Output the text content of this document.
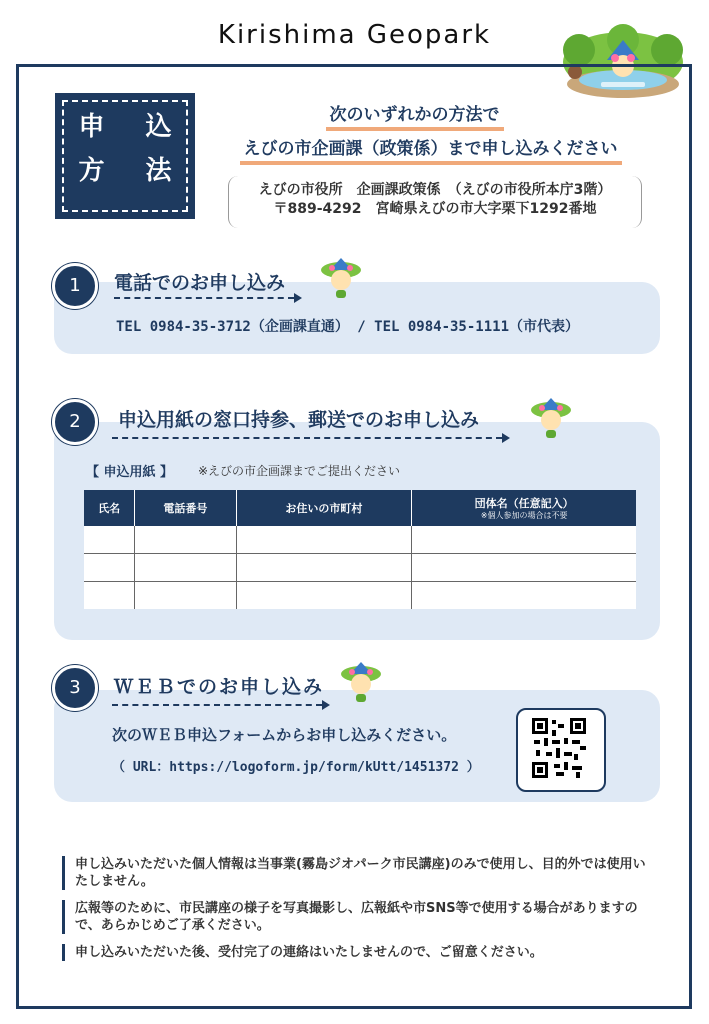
Kirishima Geopark
申 込
方 法
次のいずれかの方法で
えびの市企画課（政策係）まで申し込みください
えびの市役所　企画課政策係　（えびの市役所本庁3階）
〒889-4292　宮崎県えびの市大字栗下1292番地
1	電話でのお申し込み
TEL 0984-35-3712（企画課直通） / TEL 0984-35-1111（市代表）
2	申込用紙の窓口持参、郵送でのお申し込み
【 申込用紙 】 ※えびの市企画課までご提出ください
氏名	電話番号	お住いの市町村	団体名（任意記入）
※個人参加の場合は不要

3	ＷＥＢでのお申し込み
次のＷＥＢ申込フォームからお申し込みください。
（ URL：https://logoform.jp/form/kUtt/1451372 ）
申し込みいただいた個人情報は当事業(霧島ジオパーク市民講座)のみで使用し、目的外では使用いたしません。
広報等のために、市民講座の様子を写真撮影し、広報紙や市SNS等で使用する場合がありますので、あらかじめご了承ください。
申し込みいただいた後、受付完了の連絡はいたしませんので、ご留意ください。
